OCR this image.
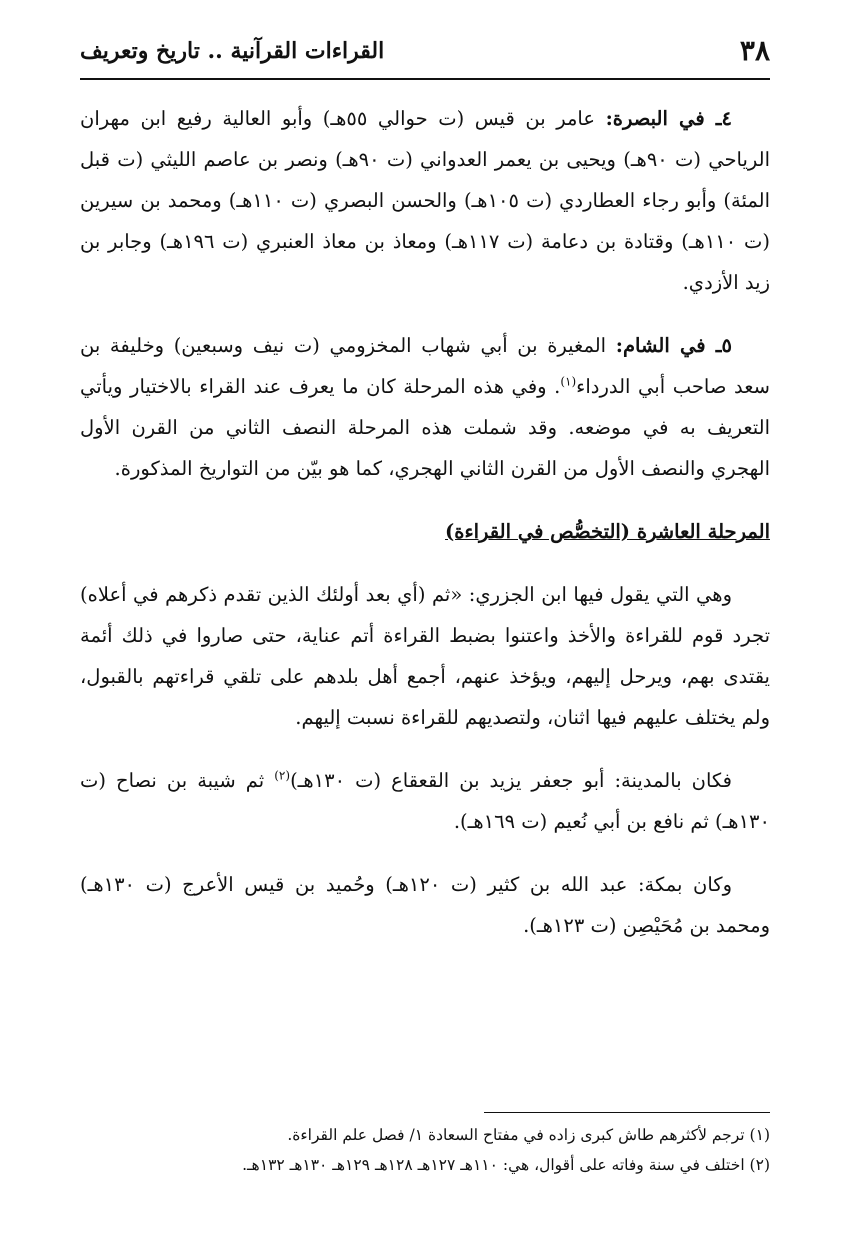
٣٨
القراءات القرآنية .. تاريخ وتعريف

٤ـ في البصرة: عامر بن قيس (ت حوالي ٥٥هـ) وأبو العالية رفيع ابن مهران الرياحي (ت ٩٠هـ) ويحيى بن يعمر العدواني (ت ٩٠هـ) ونصر بن عاصم الليثي (ت قبل المئة) وأبو رجاء العطاردي (ت ١٠٥هـ) والحسن البصري (ت ١١٠هـ) ومحمد بن سيرين (ت ١١٠هـ) وقتادة بن دعامة (ت ١١٧هـ) ومعاذ بن معاذ العنبري (ت ١٩٦هـ) وجابر بن زيد الأزدي.

٥ـ في الشام: المغيرة بن أبي شهاب المخزومي (ت نيف وسبعين) وخليفة بن سعد صاحب أبي الدرداء$^{(١)}$. وفي هذه المرحلة كان ما يعرف عند القراء بالاختيار ويأتي التعريف به في موضعه. وقد شملت هذه المرحلة النصف الثاني من القرن الأول الهجري والنصف الأول من القرن الثاني الهجري، كما هو بيّن من التواريخ المذكورة.

المرحلة العاشرة (التخصُّص في القراءة)

وهي التي يقول فيها ابن الجزري: «ثم (أي بعد أولئك الذين تقدم ذكرهم في أعلاه) تجرد قوم للقراءة والأخذ واعتنوا بضبط القراءة أتم عناية، حتى صاروا في ذلك أئمة يقتدى بهم، ويرحل إليهم، ويؤخذ عنهم، أجمع أهل بلدهم على تلقي قراءتهم بالقبول، ولم يختلف عليهم فيها اثنان، ولتصديهم للقراءة نسبت إليهم.

فكان بالمدينة: أبو جعفر يزيد بن القعقاع (ت ١٣٠هـ)$^{(٢)}$ ثم شيبة بن نصاح (ت ١٣٠هـ) ثم نافع بن أبي نُعيم (ت ١٦٩هـ).

وكان بمكة: عبد الله بن كثير (ت ١٢٠هـ) وحُميد بن قيس الأعرج (ت ١٣٠هـ) ومحمد بن مُحَيْصِن (ت ١٢٣هـ).

(١) ترجم لأكثرهم طاش كبرى زاده في مفتاح السعادة ١/ فصل علم القراءة.

(٢) اختلف في سنة وفاته على أقوال، هي: ١١٠هـ ١٢٧هـ ١٢٨هـ ١٢٩هـ ١٣٠هـ ١٣٢هـ.
